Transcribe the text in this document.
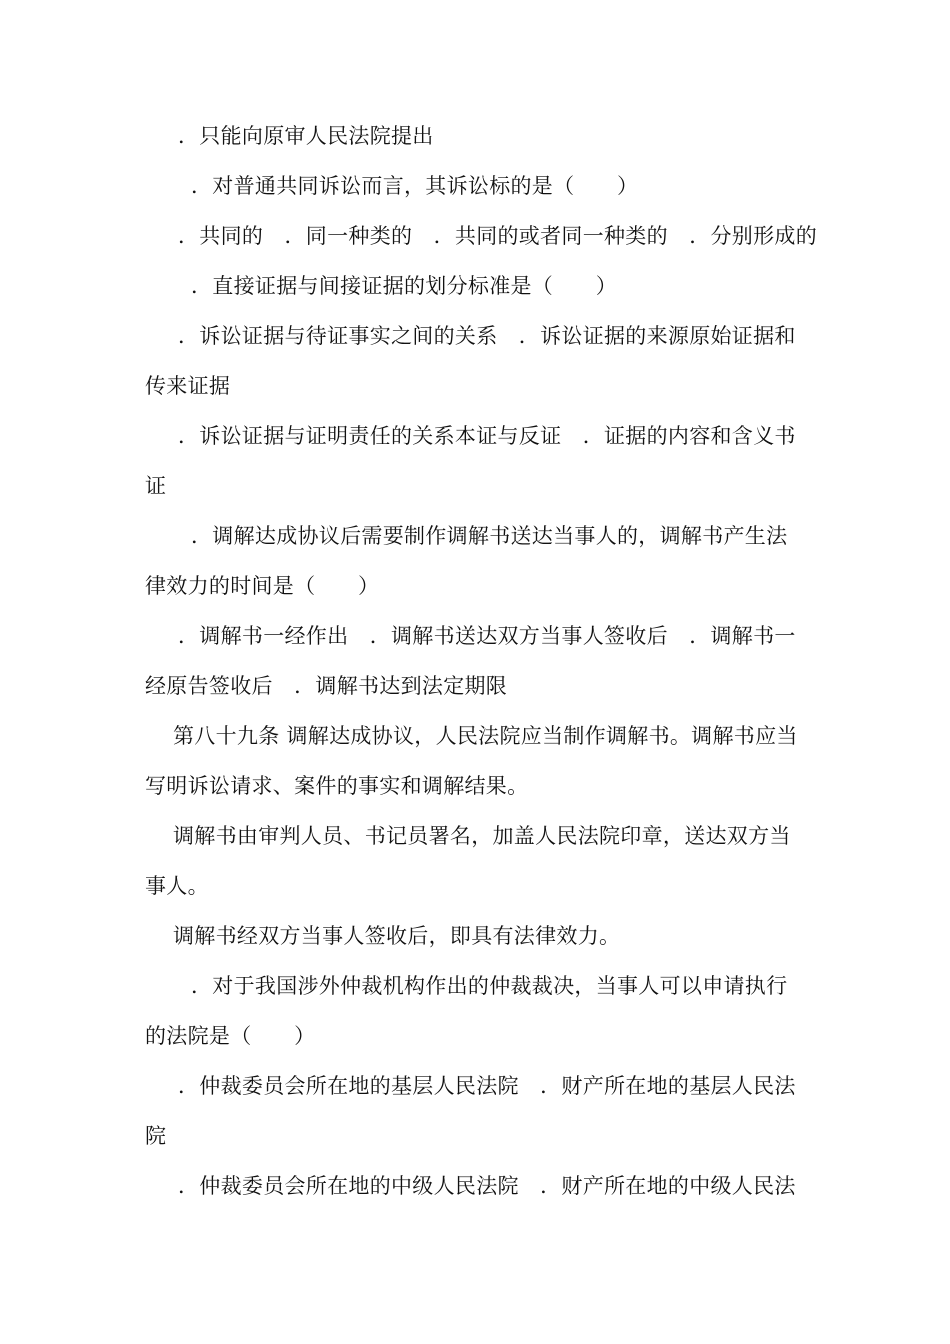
．只能向原审人民法院提出
．对普通共同诉讼而言，其诉讼标的是（　　）
．共同的　．同一种类的　．共同的或者同一种类的　．分别形成的
．直接证据与间接证据的划分标准是（　　）
．诉讼证据与待证事实之间的关系　．诉讼证据的来源原始证据和
传来证据
．诉讼证据与证明责任的关系本证与反证　．证据的内容和含义书
证
．调解达成协议后需要制作调解书送达当事人的，调解书产生法
律效力的时间是（　　）
．调解书一经作出　．调解书送达双方当事人签收后　．调解书一
经原告签收后　．调解书达到法定期限
第八十九条 调解达成协议，人民法院应当制作调解书。调解书应当
写明诉讼请求、案件的事实和调解结果。
调解书由审判人员、书记员署名，加盖人民法院印章，送达双方当
事人。
调解书经双方当事人签收后，即具有法律效力。
．对于我国涉外仲裁机构作出的仲裁裁决，当事人可以申请执行
的法院是（　　）
．仲裁委员会所在地的基层人民法院　．财产所在地的基层人民法
院
．仲裁委员会所在地的中级人民法院　．财产所在地的中级人民法
